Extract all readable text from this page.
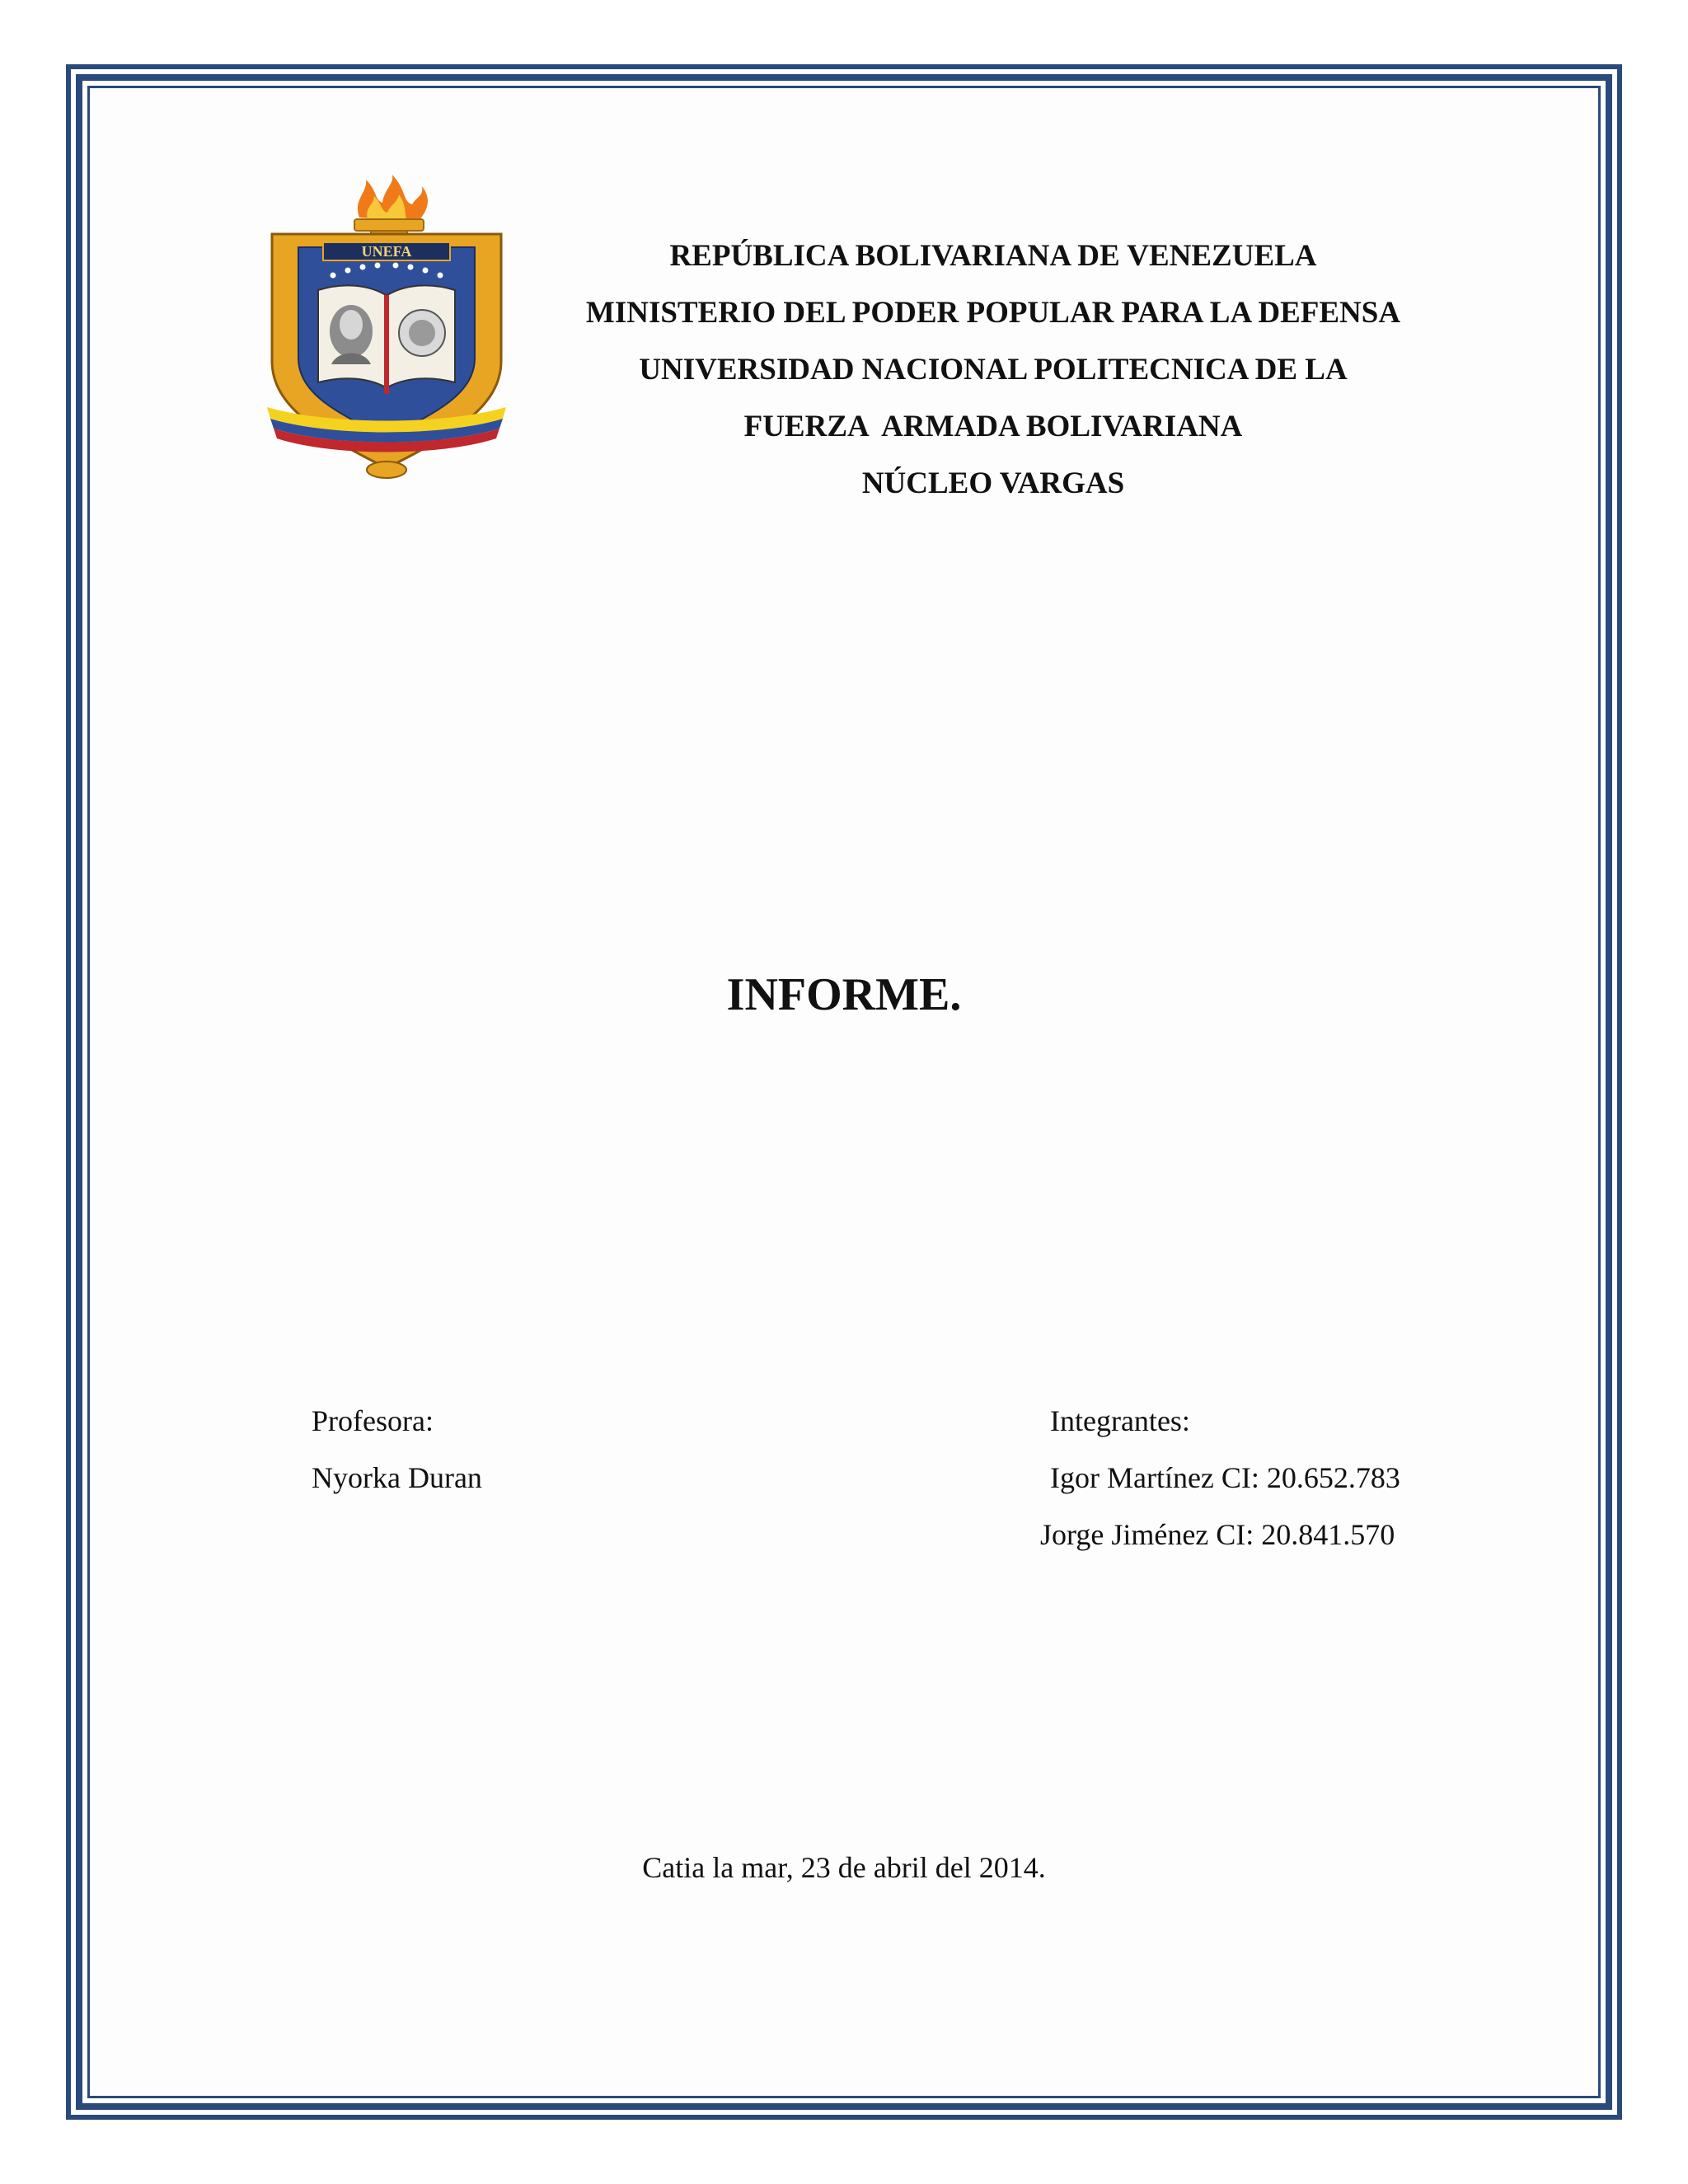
UNEFA	REPÚBLICA BOLIVARIANA DE VENEZUELA
MINISTERIO DEL PODER POPULAR PARA LA DEFENSA
UNIVERSIDAD NACIONAL POLITECNICA DE LA
FUERZA  ARMADA BOLIVARIANA
NÚCLEO VARGAS
INFORME.
Profesora:
Nyorka Duran
Integrantes:
Igor Martínez CI: 20.652.783
Jorge Jiménez CI: 20.841.570
Catia la mar, 23 de abril del 2014.
